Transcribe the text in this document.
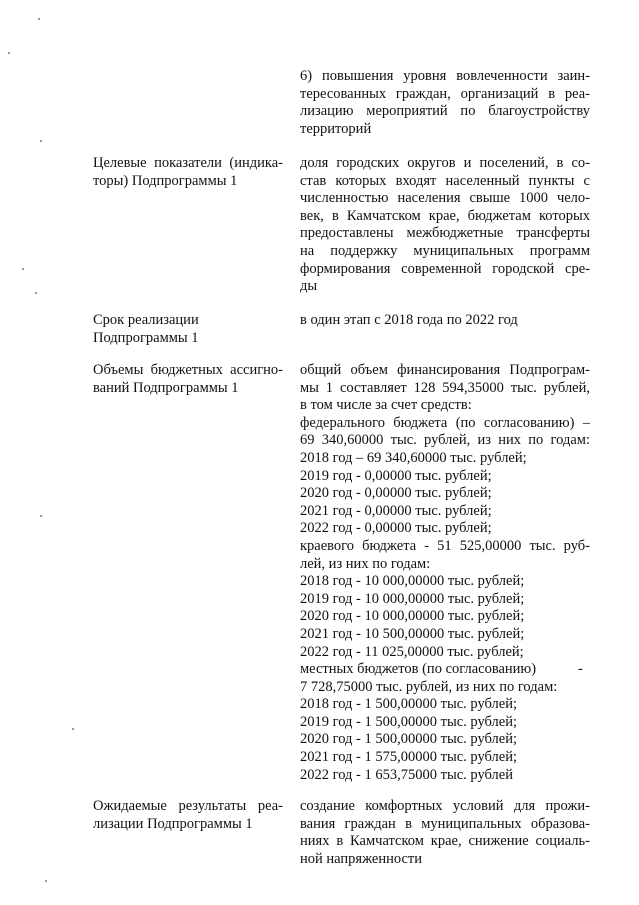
6) повышения уровня вовлеченности заин-
тересованных граждан, организаций в реа-
лизацию мероприятий по благоустройству
территорий
Целевые показатели (индика-
торы) Подпрограммы 1
доля городских округов и поселений, в со-
став которых входят населенный пункты с
численностью населения свыше 1000 чело-
век, в Камчатском крае, бюджетам которых
предоставлены межбюджетные трансферты
на поддержку муниципальных программ
формирования современной городской сре-
ды
Срок реализации
Подпрограммы 1
в один этап с 2018 года по 2022 год
Объемы бюджетных ассигно-
ваний Подпрограммы 1
общий объем финансирования Подпрограм-
мы 1 составляет 128 594,35000 тыс. рублей,
в том числе за счет средств:
федерального бюджета (по согласованию) –
69 340,60000 тыс. рублей, из них по годам:
2018 год – 69 340,60000 тыс. рублей;
2019 год - 0,00000 тыс. рублей;
2020 год - 0,00000 тыс. рублей;
2021 год - 0,00000 тыс. рублей;
2022 год - 0,00000 тыс. рублей;
краевого бюджета - 51 525,00000 тыс. руб-
лей, из них по годам:
2018 год - 10 000,00000 тыс. рублей;
2019 год - 10 000,00000 тыс. рублей;
2020 год - 10 000,00000 тыс. рублей;
2021 год - 10 500,00000 тыс. рублей;
2022 год - 11 025,00000 тыс. рублей;
местных бюджетов (по согласованию)	-
7 728,75000 тыс. рублей, из них по годам:
2018 год - 1 500,00000 тыс. рублей;
2019 год - 1 500,00000 тыс. рублей;
2020 год - 1 500,00000 тыс. рублей;
2021 год - 1 575,00000 тыс. рублей;
2022 год - 1 653,75000 тыс. рублей
Ожидаемые результаты реа-
лизации Подпрограммы 1
создание комфортных условий для прожи-
вания граждан в муниципальных образова-
ниях в Камчатском крае, снижение социаль-
ной напряженности
